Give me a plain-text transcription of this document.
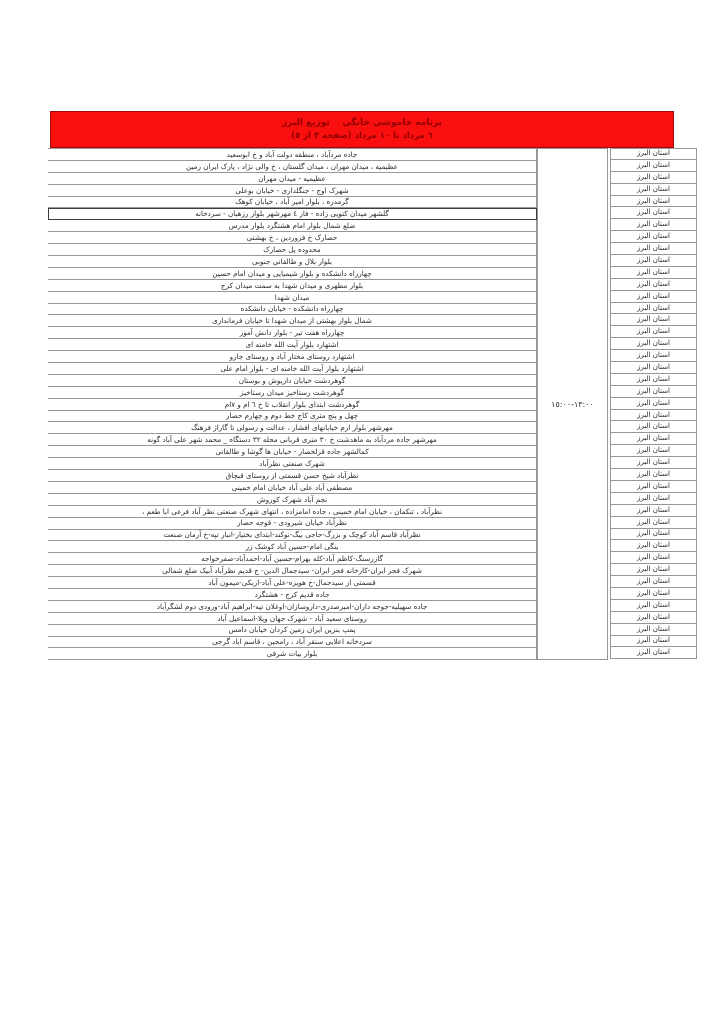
برنامه خاموشی خانگی    توزیع البرز
٦ مرداد تا ١٠ مرداد (صفحه ٣ از ٥)
جاده مردآباد ، منطقه دولت آباد و خ ابوسعید
عظیمیه ، میدان مهران ، میدان گلستان ، خ والی نژاد ، پارک ایران زمین
عظیمیه - میدان مهران
شهرک اوج - جنگلداری - خیابان بوعلی
گرمدره ، بلوار امیر آباد ، خیابان کوهک
گلشهر میدان کتویی زاده - فاز ٤ مهرشهر بلوار رزهبان - سردخانه
ضلع شمال بلوار امام هشتگرد بلوار مدرس
حصارک خ فروردین ، خ بهشتی
محدوده پل حصارک
بلوار بلال و طالقانی جنوبی
چهارراه دانشکده و بلوار شیمیایی و میدان امام حسین
بلوار مطهری و میدان شهدا به سمت میدان کرج
میدان شهدا
چهارراه دانشکده - خیابان دانشکده
شمال بلوار بهشتی از میدان شهدا تا خیابان فرمانداری
چهارراه هفت تیر - بلوار دانش آموز
اشتهارد بلوار آیت الله خامنه ای
اشتهارد روستای مختار آباد و روستای جارو
اشتهارد بلوار آیت الله خامنه ای - بلوار امام علی
گوهردشت خیابان داریوش و بوستان
گوهردشت رستاخیز میدان رستاخیز
گوهردشت ابتدای بلوار انقلاب تا خ ٦ ام و ٧ام
چهل و پنج متری کاج خط دوم و چهارم حصار
مهرشهر بلوار ارم خیابانهای افشار ، عدالت و رسولی تا گاراژ فرهنگ
مهرشهر جاده مردآباد به ماهدشت خ ٣٠ متری قربانی محله ٣٢ دستگاه _ محمد شهر علی آباد گونه
کمالشهر جاده قزلحصار - خیابان ها گوشا و طالقانی
شهرک صنعتی نظرآباد
نظرآباد شیخ حسن قسمتی از روستای قبچاق
مصطفی آباد علی آباد خیابان امام خمینی
نجم آباد شهرک کوروش
نظرآباد ، تنکمان ، خیابان امام خمینی ، جاده امامزاده ، انتهای شهرک صنعتی نظر آباد فرعی ابا طعم ،
نظرآباد خیابان شیرودی - قوجه حصار
نظرآباد قاسم آباد کوچک و بزرگ-حاجی بیگ-نوکند-ابتدای بختیار-انبار تپه-خ آرمان صنعت
ینگی امام-حسین آباد کوشک زر
گازرسنگ-کاظم آباد-کله بهرام-حسین آباد-احمدآباد-صفرخواجه
شهرک فجر ایران-کارخانه فجر ایران- سیدجمال الدین- ج قدیم نظرآباد آبیک ضلع شمالی
قسمتی از سیدجمال-خ هویزه-علی آباد-ازبکی-میمون آباد
جاده قدیم کرج - هشتگرد
جاده سهیلیه-جوجه داران-امیرصدری-داروسازان-اوغلان تپه-ابراهیم آباد-ورودی دوم لشگرآباد
روستای سعید آباد - شهرک جهان ویلا-اسماعیل آباد
پمپ بنزین ایران زمین کردان خیابان دامس
سردخانه اعلایی سنقر آباد ، رامجین ، قاسم اباد گرجی
بلوار بیات شرقی
١٣:٠٠-١٥:٠٠
استان البرز
استان البرز
استان البرز
استان البرز
استان البرز
استان البرز
استان البرز
استان البرز
استان البرز
استان البرز
استان البرز
استان البرز
استان البرز
استان البرز
استان البرز
استان البرز
استان البرز
استان البرز
استان البرز
استان البرز
استان البرز
استان البرز
استان البرز
استان البرز
استان البرز
استان البرز
استان البرز
استان البرز
استان البرز
استان البرز
استان البرز
استان البرز
استان البرز
استان البرز
استان البرز
استان البرز
استان البرز
استان البرز
استان البرز
استان البرز
استان البرز
استان البرز
استان البرز
